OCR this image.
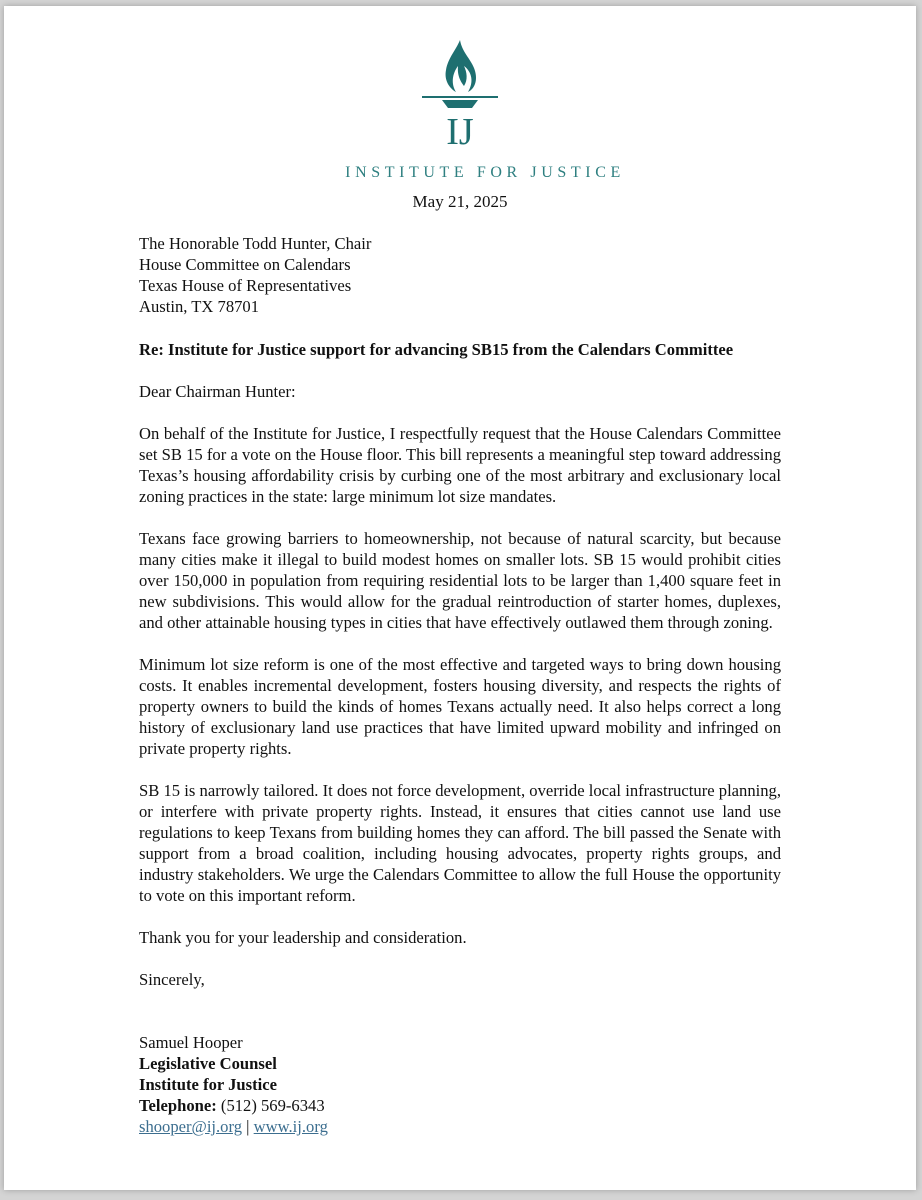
IJ
INSTITUTE FOR JUSTICE
May 21, 2025

The Honorable Todd Hunter, Chair
House Committee on Calendars
Texas House of Representatives
Austin, TX 78701

Re: Institute for Justice support for advancing SB15 from the Calendars Committee

Dear Chairman Hunter:

On behalf of the Institute for Justice, I respectfully request that the House Calendars Committee set SB 15 for a vote on the House floor. This bill represents a meaningful step toward addressing Texas’s housing affordability crisis by curbing one of the most arbitrary and exclusionary local zoning practices in the state: large minimum lot size mandates.

Texans face growing barriers to homeownership, not because of natural scarcity, but because many cities make it illegal to build modest homes on smaller lots. SB 15 would prohibit cities over 150,000 in population from requiring residential lots to be larger than 1,400 square feet in new subdivisions. This would allow for the gradual reintroduction of starter homes, duplexes, and other attainable housing types in cities that have effectively outlawed them through zoning.

Minimum lot size reform is one of the most effective and targeted ways to bring down housing costs. It enables incremental development, fosters housing diversity, and respects the rights of property owners to build the kinds of homes Texans actually need. It also helps correct a long history of exclusionary land use practices that have limited upward mobility and infringed on private property rights.

SB 15 is narrowly tailored. It does not force development, override local infrastructure planning, or interfere with private property rights. Instead, it ensures that cities cannot use land use regulations to keep Texans from building homes they can afford. The bill passed the Senate with support from a broad coalition, including housing advocates, property rights groups, and industry stakeholders. We urge the Calendars Committee to allow the full House the opportunity to vote on this important reform.

Thank you for your leadership and consideration.

Sincerely,

Samuel Hooper
Legislative Counsel
Institute for Justice
Telephone: (512) 569-6343
shooper@ij.org | www.ij.org
